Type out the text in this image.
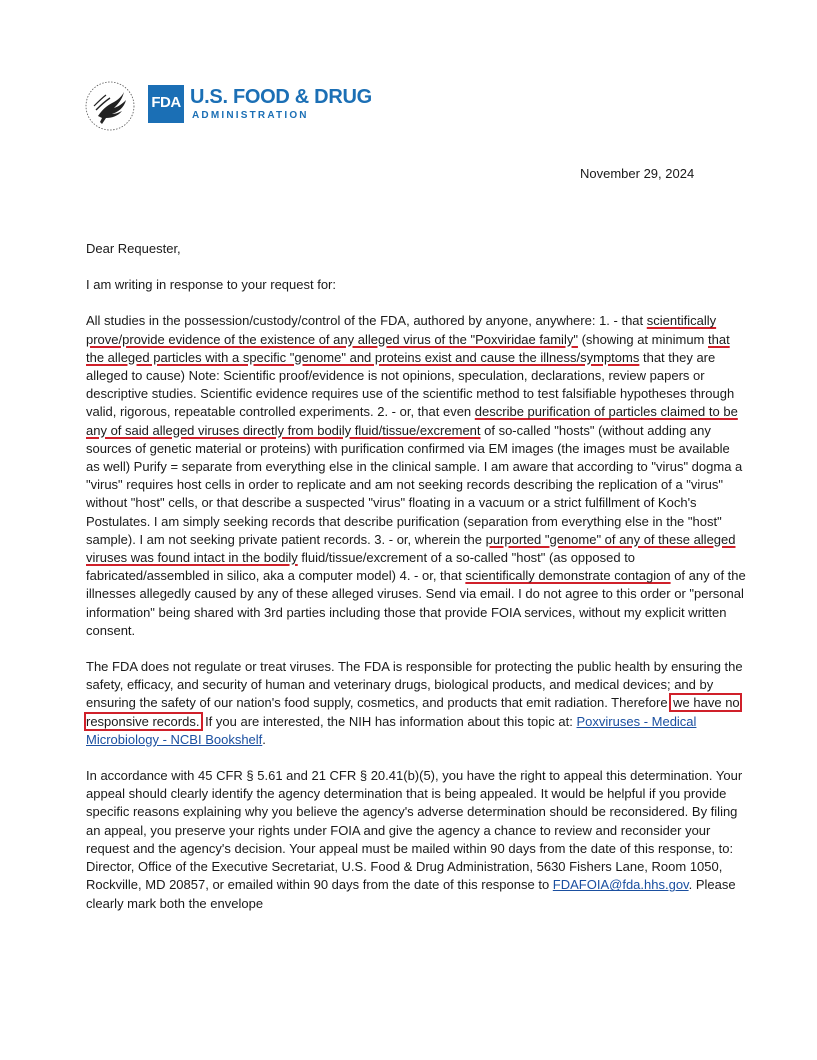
FDA U.S. FOOD & DRUG
ADMINISTRATION
November 29, 2024

Dear Requester,

I am writing in response to your request for:

All studies in the possession/custody/control of the FDA, authored by anyone, anywhere: 1. - that scientifically prove/provide evidence of the existence of any alleged virus of the "Poxviridae family" (showing at minimum that the alleged particles with a specific "genome" and proteins exist and cause the illness/symptoms that they are alleged to cause) Note: Scientific proof/evidence is not opinions, speculation, declarations, review papers or descriptive studies. Scientific evidence requires use of the scientific method to test falsifiable hypotheses through valid, rigorous, repeatable controlled experiments. 2. - or, that even describe purification of particles claimed to be any of said alleged viruses directly from bodily fluid/tissue/excrement of so-called "hosts" (without adding any sources of genetic material or proteins) with purification confirmed via EM images (the images must be available as well) Purify = separate from everything else in the clinical sample. I am aware that according to "virus" dogma a "virus" requires host cells in order to replicate and am not seeking records describing the replication of a "virus" without "host" cells, or that describe a suspected "virus" floating in a vacuum or a strict fulfillment of Koch's Postulates. I am simply seeking records that describe purification (separation from everything else in the "host" sample). I am not seeking private patient records. 3. - or, wherein the purported "genome" of any of these alleged viruses was found intact in the bodily fluid/tissue/excrement of a so-called "host" (as opposed to fabricated/assembled in silico, aka a computer model) 4. - or, that scientifically demonstrate contagion of any of the illnesses allegedly caused by any of these alleged viruses. Send via email. I do not agree to this order or "personal information" being shared with 3rd parties including those that provide FOIA services, without my explicit written consent.

The FDA does not regulate or treat viruses. The FDA is responsible for protecting the public health by ensuring the safety, efficacy, and security of human and veterinary drugs, biological products, and medical devices; and by ensuring the safety of our nation's food supply, cosmetics, and products that emit radiation. Therefore we have no responsive records. If you are interested, the NIH has information about this topic at: Poxviruses - Medical Microbiology - NCBI Bookshelf.

In accordance with 45 CFR § 5.61 and 21 CFR § 20.41(b)(5), you have the right to appeal this determination. Your appeal should clearly identify the agency determination that is being appealed. It would be helpful if you provide specific reasons explaining why you believe the agency's adverse determination should be reconsidered. By filing an appeal, you preserve your rights under FOIA and give the agency a chance to review and reconsider your request and the agency's decision. Your appeal must be mailed within 90 days from the date of this response, to: Director, Office of the Executive Secretariat, U.S. Food & Drug Administration, 5630 Fishers Lane, Room 1050, Rockville, MD 20857, or emailed within 90 days from the date of this response to FDAFOIA@fda.hhs.gov. Please clearly mark both the envelope
